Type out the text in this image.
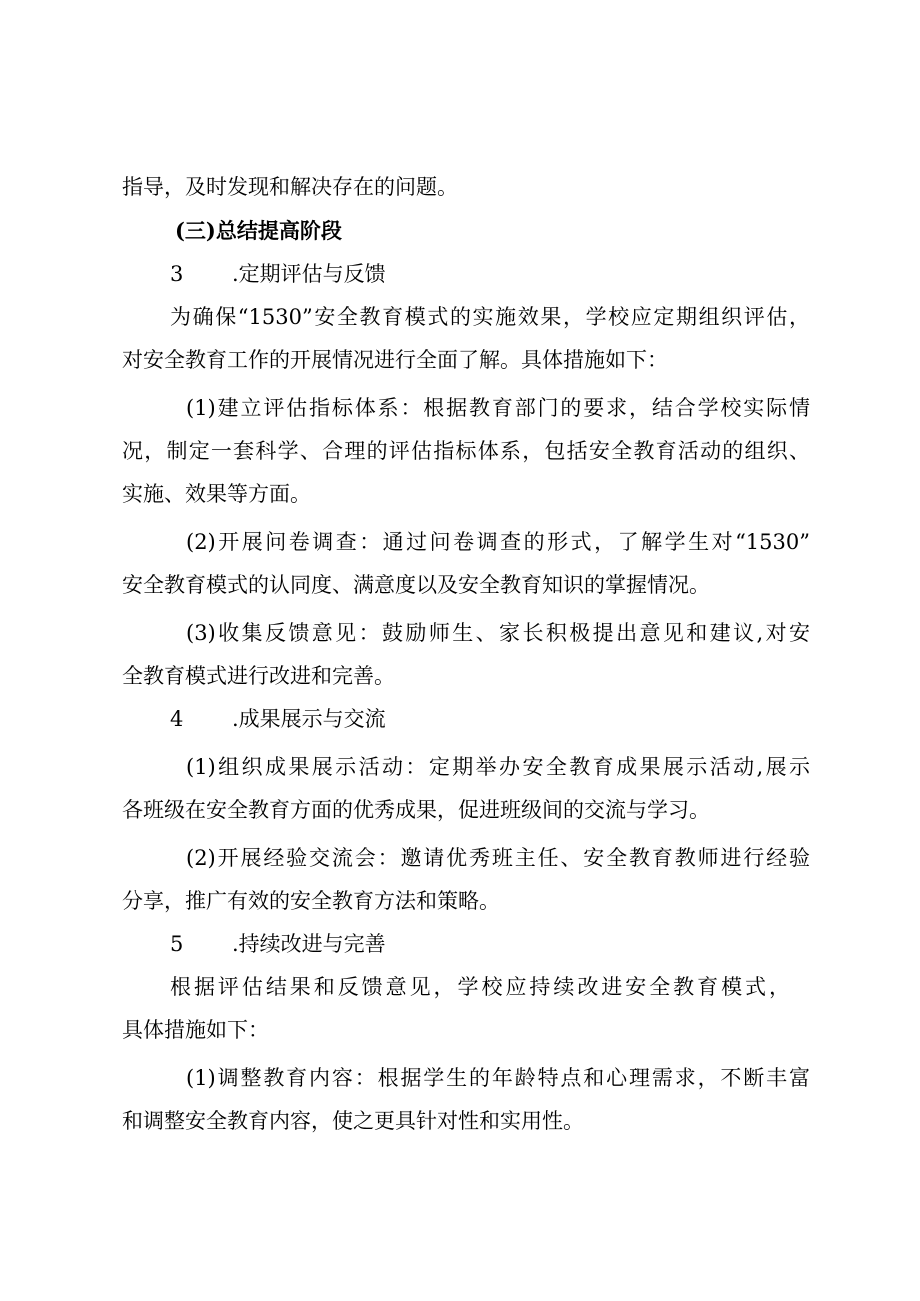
指导，及时发现和解决存在的问题。
(三)总结提高阶段
3 .定期评估与反馈
为确保“1530”安全教育模式的实施效果，学校应定期组织评估，
对安全教育工作的开展情况进行全面了解。具体措施如下：
(1)建立评估指标体系：根据教育部门的要求，结合学校实际情
况，制定一套科学、合理的评估指标体系，包括安全教育活动的组织、
实施、效果等方面。
(2)开展问卷调查：通过问卷调查的形式，了解学生对“1530”
安全教育模式的认同度、满意度以及安全教育知识的掌握情况。
(3)收集反馈意见：鼓励师生、家长积极提出意见和建议,对安
全教育模式进行改进和完善。
4 .成果展示与交流
(1)组织成果展示活动：定期举办安全教育成果展示活动,展示
各班级在安全教育方面的优秀成果，促进班级间的交流与学习。
(2)开展经验交流会：邀请优秀班主任、安全教育教师进行经验
分享，推广有效的安全教育方法和策略。
5 .持续改进与完善
根据评估结果和反馈意见，学校应持续改进安全教育模式，
具体措施如下：
(1)调整教育内容：根据学生的年龄特点和心理需求，不断丰富
和调整安全教育内容，使之更具针对性和实用性。
